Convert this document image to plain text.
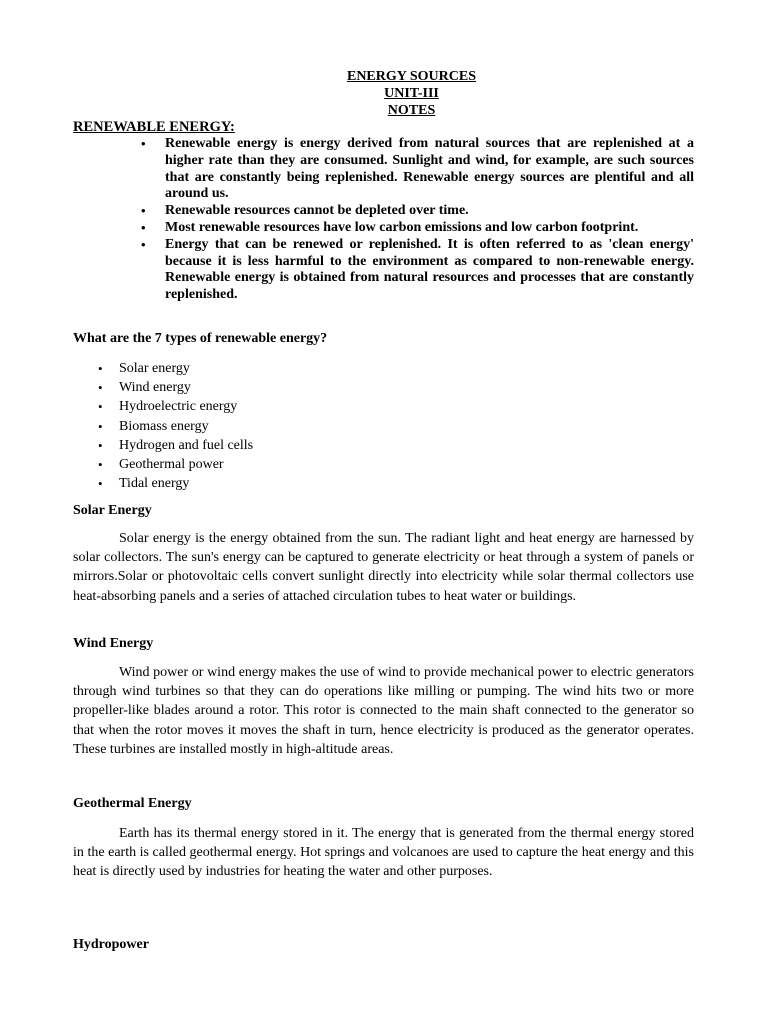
ENERGY SOURCES

UNIT-III

NOTES

RENEWABLE ENERGY:

• Renewable energy is energy derived from natural sources that are replenished at a higher rate than they are consumed. Sunlight and wind, for example, are such sources that are constantly being replenished. Renewable energy sources are plentiful and all around us.
• Renewable resources cannot be depleted over time.
• Most renewable resources have low carbon emissions and low carbon footprint.
• Energy that can be renewed or replenished. It is often referred to as 'clean energy' because it is less harmful to the environment as compared to non-renewable energy. Renewable energy is obtained from natural resources and processes that are constantly replenished.

What are the 7 types of renewable energy?

• Solar energy
• Wind energy
• Hydroelectric energy
• Biomass energy
• Hydrogen and fuel cells
• Geothermal power
• Tidal energy

Solar Energy

Solar energy is the energy obtained from the sun. The radiant light and heat energy are harnessed by solar collectors. The sun's energy can be captured to generate electricity or heat through a system of panels or mirrors.Solar or photovoltaic cells convert sunlight directly into electricity while solar thermal collectors use heat-absorbing panels and a series of attached circulation tubes to heat water or buildings.

Wind Energy

Wind power or wind energy makes the use of wind to provide mechanical power to electric generators through wind turbines so that they can do operations like milling or pumping. The wind hits two or more propeller-like blades around a rotor. This rotor is connected to the main shaft connected to the generator so that when the rotor moves it moves the shaft in turn, hence electricity is produced as the generator operates. These turbines are installed mostly in high-altitude areas.

Geothermal Energy

Earth has its thermal energy stored in it. The energy that is generated from the thermal energy stored in the earth is called geothermal energy. Hot springs and volcanoes are used to capture the heat energy and this heat is directly used by industries for heating the water and other purposes.

Hydropower
